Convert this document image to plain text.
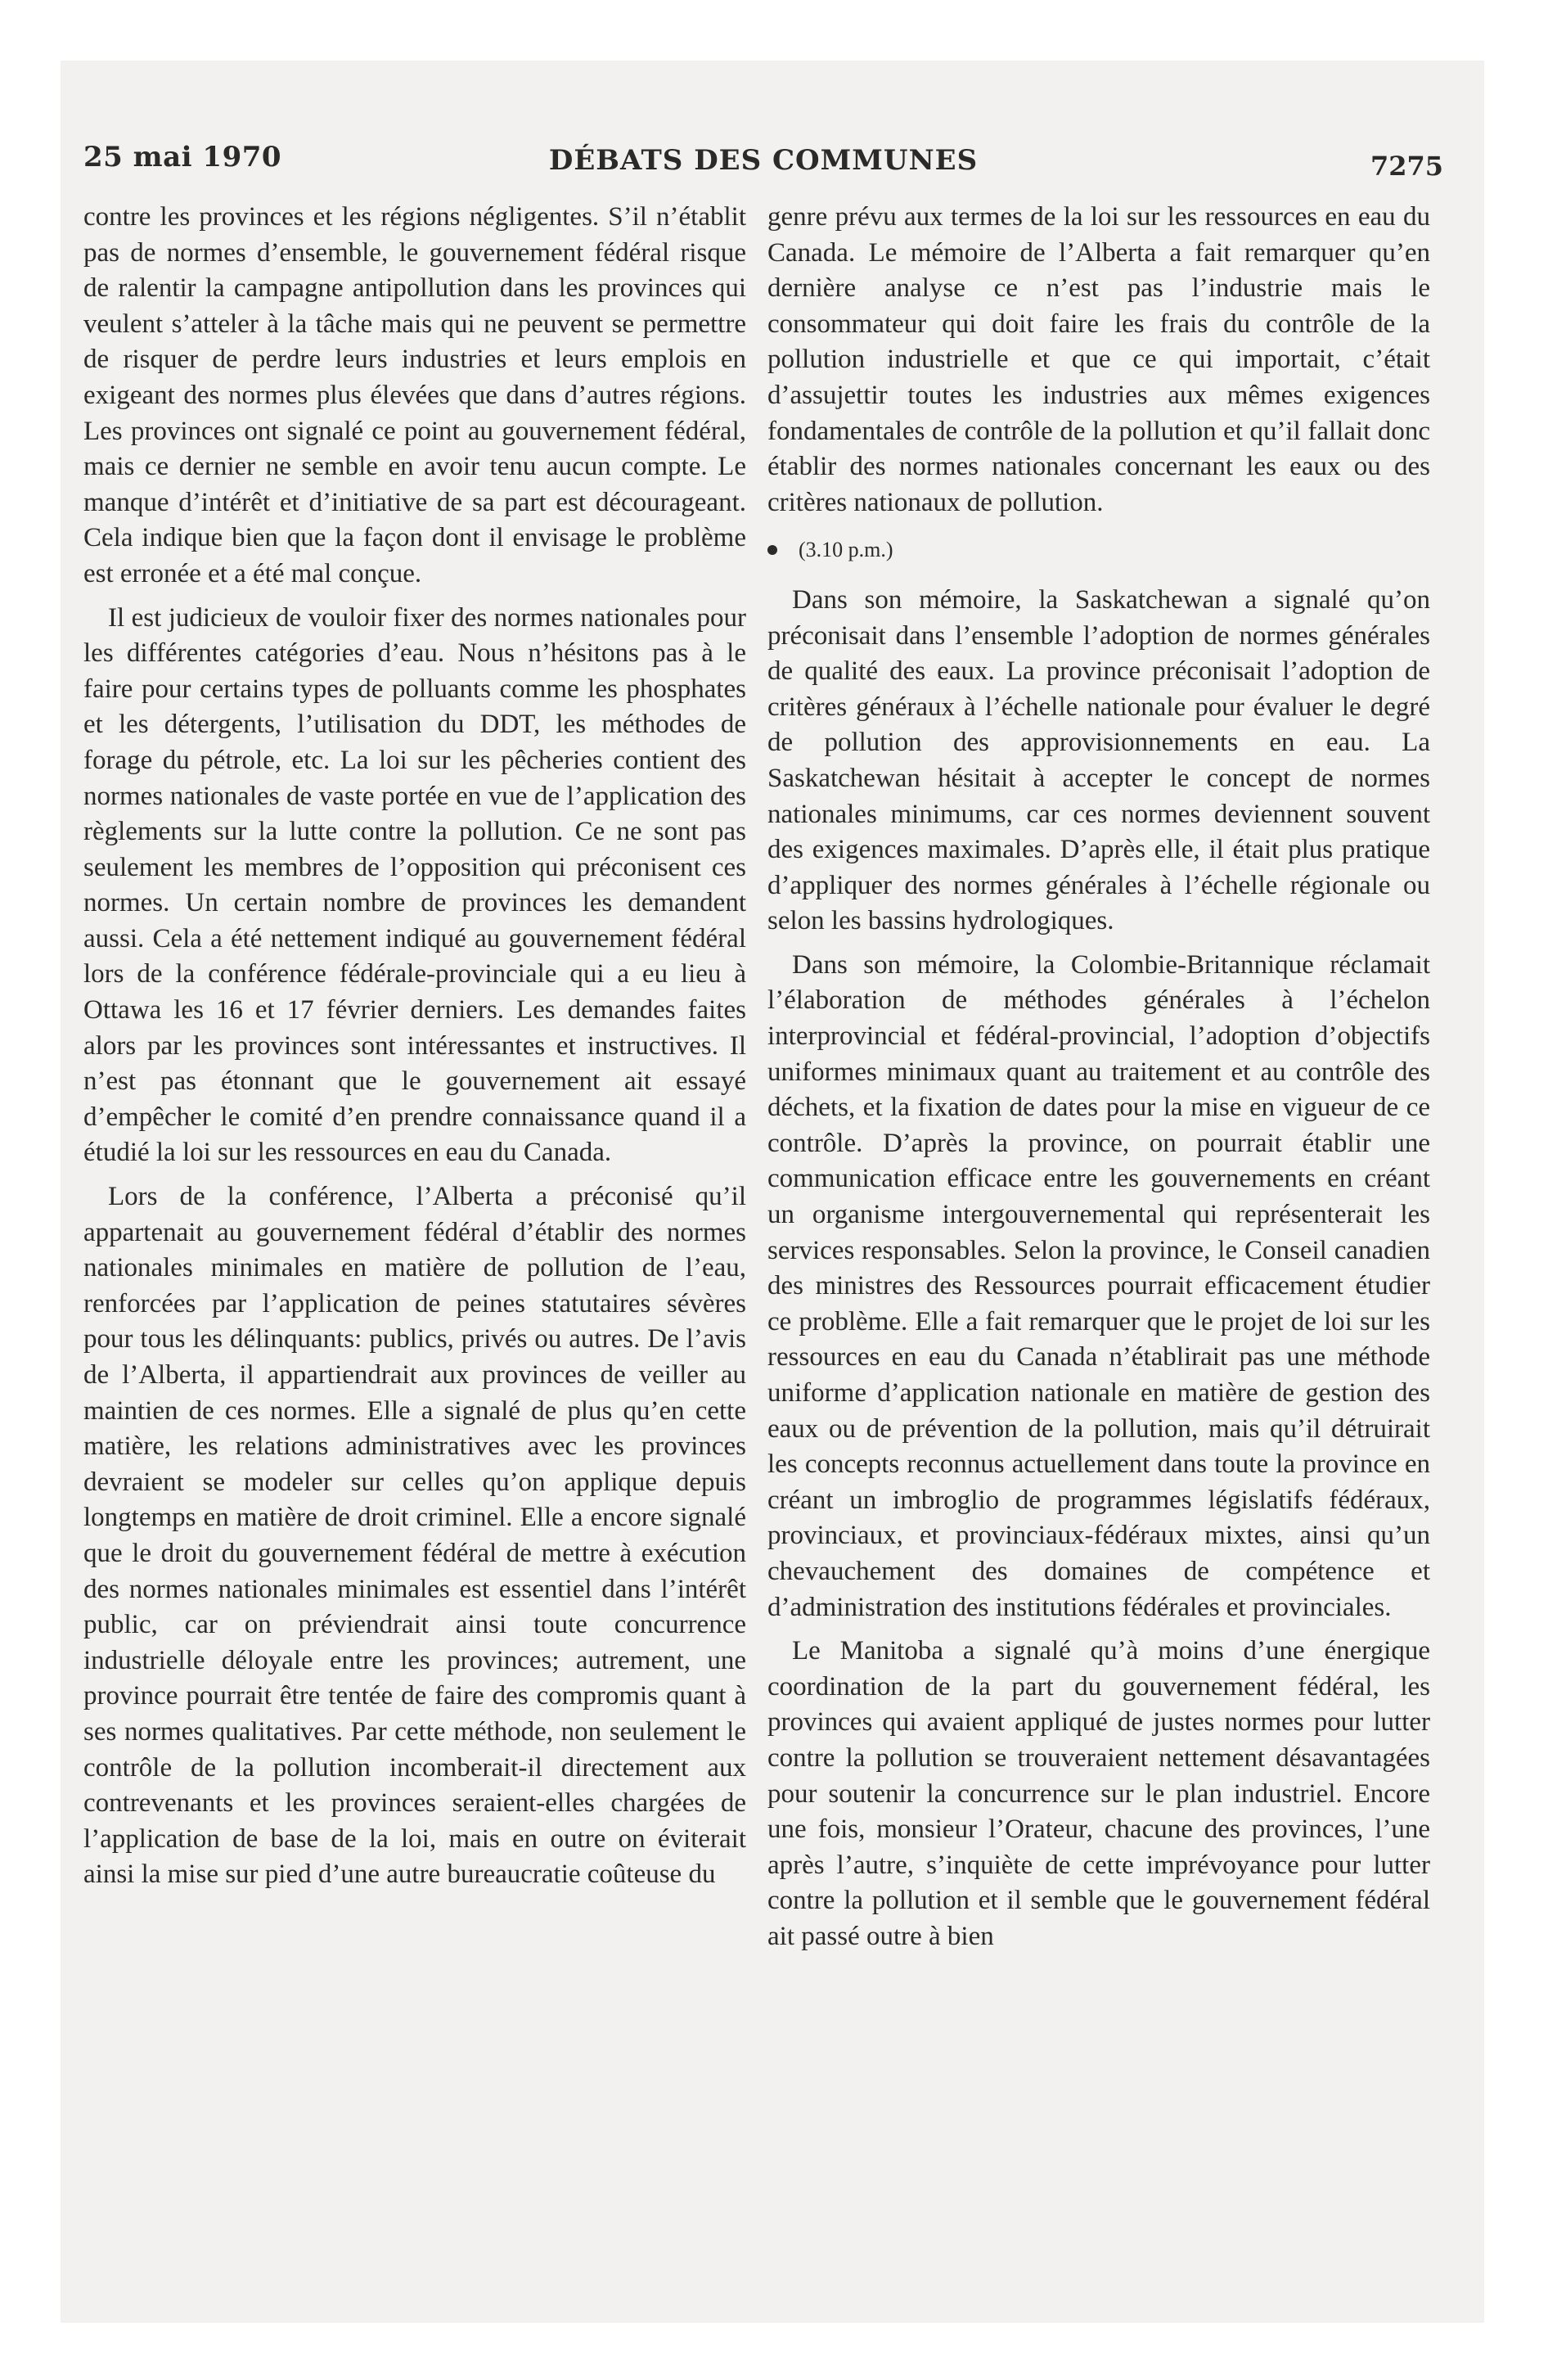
25 mai 1970	DÉBATS DES COMMUNES	7275

contre les provinces et les régions négligentes. S’il n’établit pas de normes d’ensemble, le gouvernement fédéral risque de ralentir la campagne antipollution dans les provinces qui veulent s’atteler à la tâche mais qui ne peuvent se permettre de risquer de perdre leurs industries et leurs emplois en exigeant des normes plus élevées que dans d’autres régions. Les provinces ont signalé ce point au gouvernement fédéral, mais ce dernier ne semble en avoir tenu aucun compte. Le manque d’intérêt et d’initiative de sa part est décourageant. Cela indique bien que la façon dont il envisage le problème est erronée et a été mal conçue.

Il est judicieux de vouloir fixer des normes nationales pour les différentes catégories d’eau. Nous n’hésitons pas à le faire pour certains types de polluants comme les phosphates et les détergents, l’utilisation du DDT, les méthodes de forage du pétrole, etc. La loi sur les pêcheries contient des normes nationales de vaste portée en vue de l’application des règlements sur la lutte contre la pollution. Ce ne sont pas seulement les membres de l’opposition qui préconisent ces normes. Un certain nombre de provinces les demandent aussi. Cela a été nettement indiqué au gouvernement fédéral lors de la conférence fédérale-provinciale qui a eu lieu à Ottawa les 16 et 17 février derniers. Les demandes faites alors par les provinces sont intéressantes et instructives. Il n’est pas étonnant que le gouvernement ait essayé d’empêcher le comité d’en prendre connaissance quand il a étudié la loi sur les ressources en eau du Canada.

Lors de la conférence, l’Alberta a préconisé qu’il appartenait au gouvernement fédéral d’établir des normes nationales minimales en matière de pollution de l’eau, renforcées par l’application de peines statutaires sévères pour tous les délinquants: publics, privés ou autres. De l’avis de l’Alberta, il appartiendrait aux provinces de veiller au maintien de ces normes. Elle a signalé de plus qu’en cette matière, les relations administratives avec les provinces devraient se modeler sur celles qu’on applique depuis longtemps en matière de droit criminel. Elle a encore signalé que le droit du gouvernement fédéral de mettre à exécution des normes nationales minimales est essentiel dans l’intérêt public, car on préviendrait ainsi toute concurrence industrielle déloyale entre les provinces; autrement, une province pourrait être tentée de faire des compromis quant à ses normes qualitatives. Par cette méthode, non seulement le contrôle de la pollution incomberait-il directement aux contrevenants et les provinces seraient-elles chargées de l’application de base de la loi, mais en outre on éviterait ainsi la mise sur pied d’une autre bureaucratie coûteuse du

genre prévu aux termes de la loi sur les ressources en eau du Canada. Le mémoire de l’Alberta a fait remarquer qu’en dernière analyse ce n’est pas l’industrie mais le consommateur qui doit faire les frais du contrôle de la pollution industrielle et que ce qui importait, c’était d’assujettir toutes les industries aux mêmes exigences fondamentales de contrôle de la pollution et qu’il fallait donc établir des normes nationales concernant les eaux ou des critères nationaux de pollution.

(3.10 p.m.)

Dans son mémoire, la Saskatchewan a signalé qu’on préconisait dans l’ensemble l’adoption de normes générales de qualité des eaux. La province préconisait l’adoption de critères généraux à l’échelle nationale pour évaluer le degré de pollution des approvisionnements en eau. La Saskatchewan hésitait à accepter le concept de normes nationales minimums, car ces normes deviennent souvent des exigences maximales. D’après elle, il était plus pratique d’appliquer des normes générales à l’échelle régionale ou selon les bassins hydrologiques.

Dans son mémoire, la Colombie-Britannique réclamait l’élaboration de méthodes générales à l’échelon interprovincial et fédéral-provincial, l’adoption d’objectifs uniformes minimaux quant au traitement et au contrôle des déchets, et la fixation de dates pour la mise en vigueur de ce contrôle. D’après la province, on pourrait établir une communication efficace entre les gouvernements en créant un organisme intergouvernemental qui représenterait les services responsables. Selon la province, le Conseil canadien des ministres des Ressources pourrait efficacement étudier ce problème. Elle a fait remarquer que le projet de loi sur les ressources en eau du Canada n’établirait pas une méthode uniforme d’application nationale en matière de gestion des eaux ou de prévention de la pollution, mais qu’il détruirait les concepts reconnus actuellement dans toute la province en créant un imbroglio de programmes législatifs fédéraux, provinciaux, et provinciaux-fédéraux mixtes, ainsi qu’un chevauchement des domaines de compétence et d’administration des institutions fédérales et provinciales.

Le Manitoba a signalé qu’à moins d’une énergique coordination de la part du gouvernement fédéral, les provinces qui avaient appliqué de justes normes pour lutter contre la pollution se trouveraient nettement désavantagées pour soutenir la concurrence sur le plan industriel. Encore une fois, monsieur l’Orateur, chacune des provinces, l’une après l’autre, s’inquiète de cette imprévoyance pour lutter contre la pollution et il semble que le gouvernement fédéral ait passé outre à bien
